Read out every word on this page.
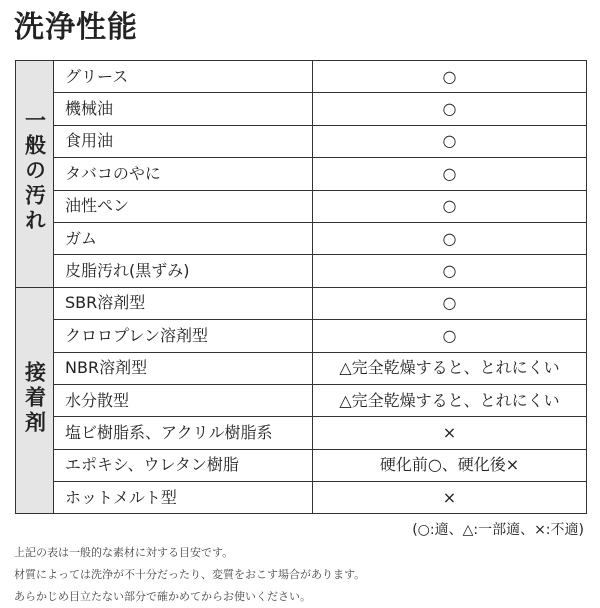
洗浄性能
一般の汚れ	グリース	○
	機械油	○
	食用油	○
	タバコのやに	○
	油性ペン	○
	ガム	○
	皮脂汚れ(黒ずみ)	○
接着剤	SBR溶剤型	○
	クロロプレン溶剤型	○
	NBR溶剤型	△完全乾燥すると、とれにくい
	水分散型	△完全乾燥すると、とれにくい
	塩ビ樹脂系、アクリル樹脂系	×
	エポキシ、ウレタン樹脂	硬化前○、硬化後×
	ホットメルト型	×
(○:適、△:一部適、×:不適)

上記の表は一般的な素材に対する目安です。

材質によっては洗浄が不十分だったり、変質をおこす場合があります。

あらかじめ目立たない部分で確かめてからお使いください。
